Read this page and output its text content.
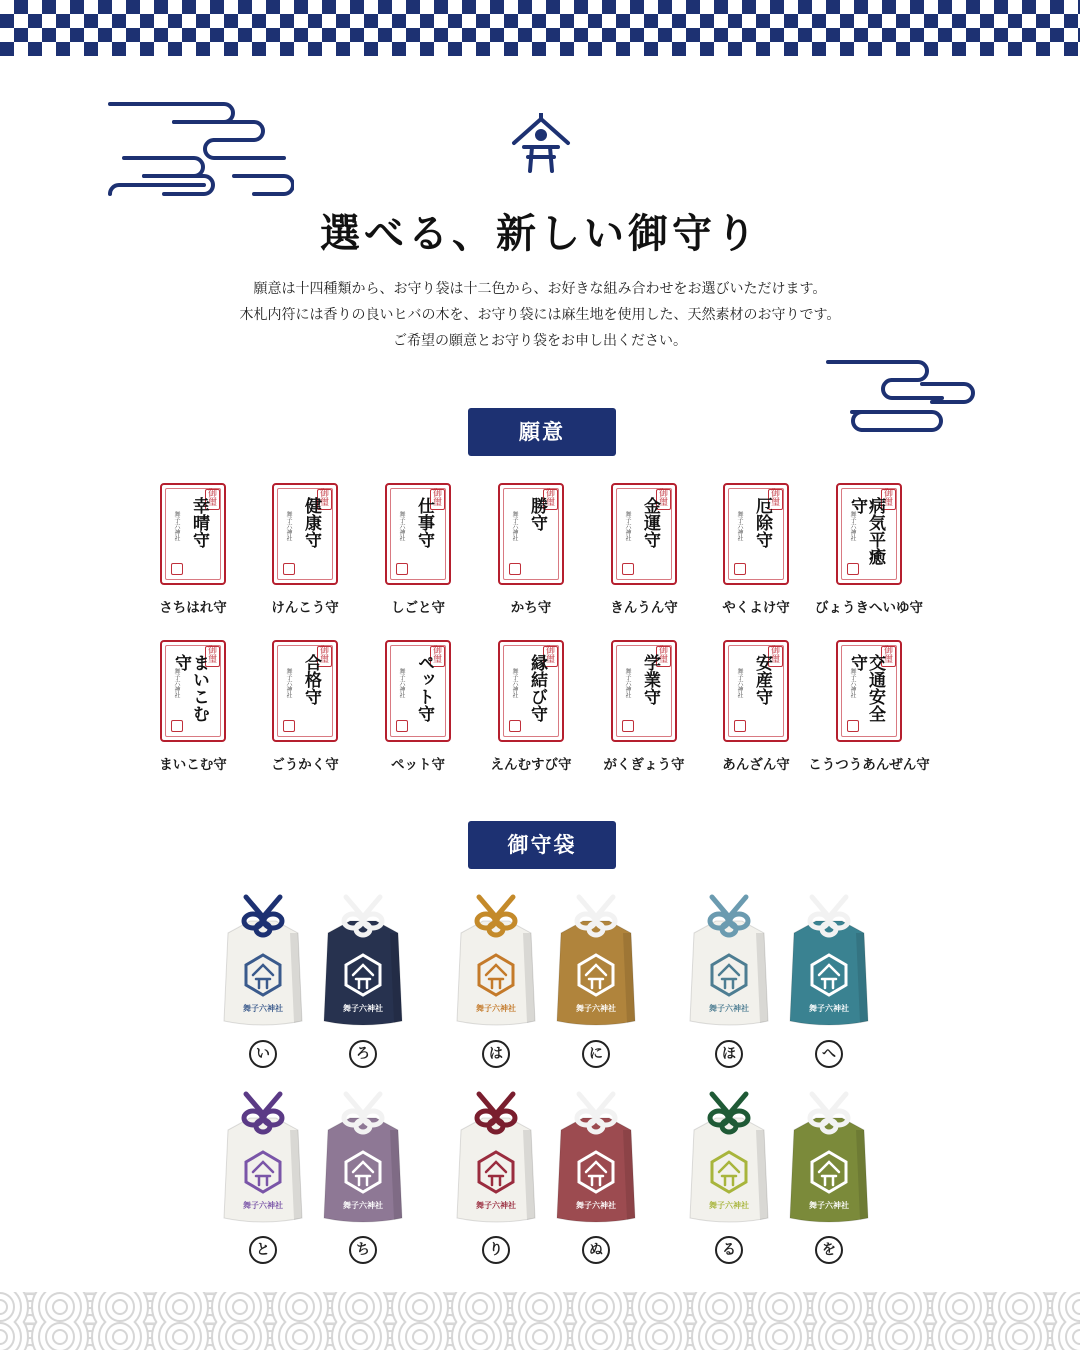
選べる、新しい御守り
願意は十四種類から、お守り袋は十二色から、お好きな組み合わせをお選びいただけます。
木札内符には香りの良いヒバの木を、お守り袋には麻生地を使用した、天然素材のお守りです。
ご希望の願意とお守り袋をお申し出ください。
願意
御璽
幸晴守
舞子六神社
さちはれ守
御璽
健康守
舞子六神社
けんこう守
御璽
仕事守
舞子六神社
しごと守
御璽
勝守
舞子六神社
かち守
御璽
金運守
舞子六神社
きんうん守
御璽
厄除守
舞子六神社
やくよけ守
御璽
病気平癒守
舞子六神社
びょうきへいゆ守
御璽
まいこむ守
舞子六神社
まいこむ守
御璽
合格守
舞子六神社
ごうかく守
御璽
ペット守
舞子六神社
ペット守
御璽
縁結び守
舞子六神社
えんむすび守
御璽
学業守
舞子六神社
がくぎょう守
御璽
安産守
舞子六神社
あんざん守
御璽
交通安全守
舞子六神社
こうつうあんぜん守
御守袋
舞子六神社
い
舞子六神社
ろ
舞子六神社
は
舞子六神社
に
舞子六神社
ほ
舞子六神社
へ
舞子六神社
と
舞子六神社
ち
舞子六神社
り
舞子六神社
ぬ
舞子六神社
る
舞子六神社
を
